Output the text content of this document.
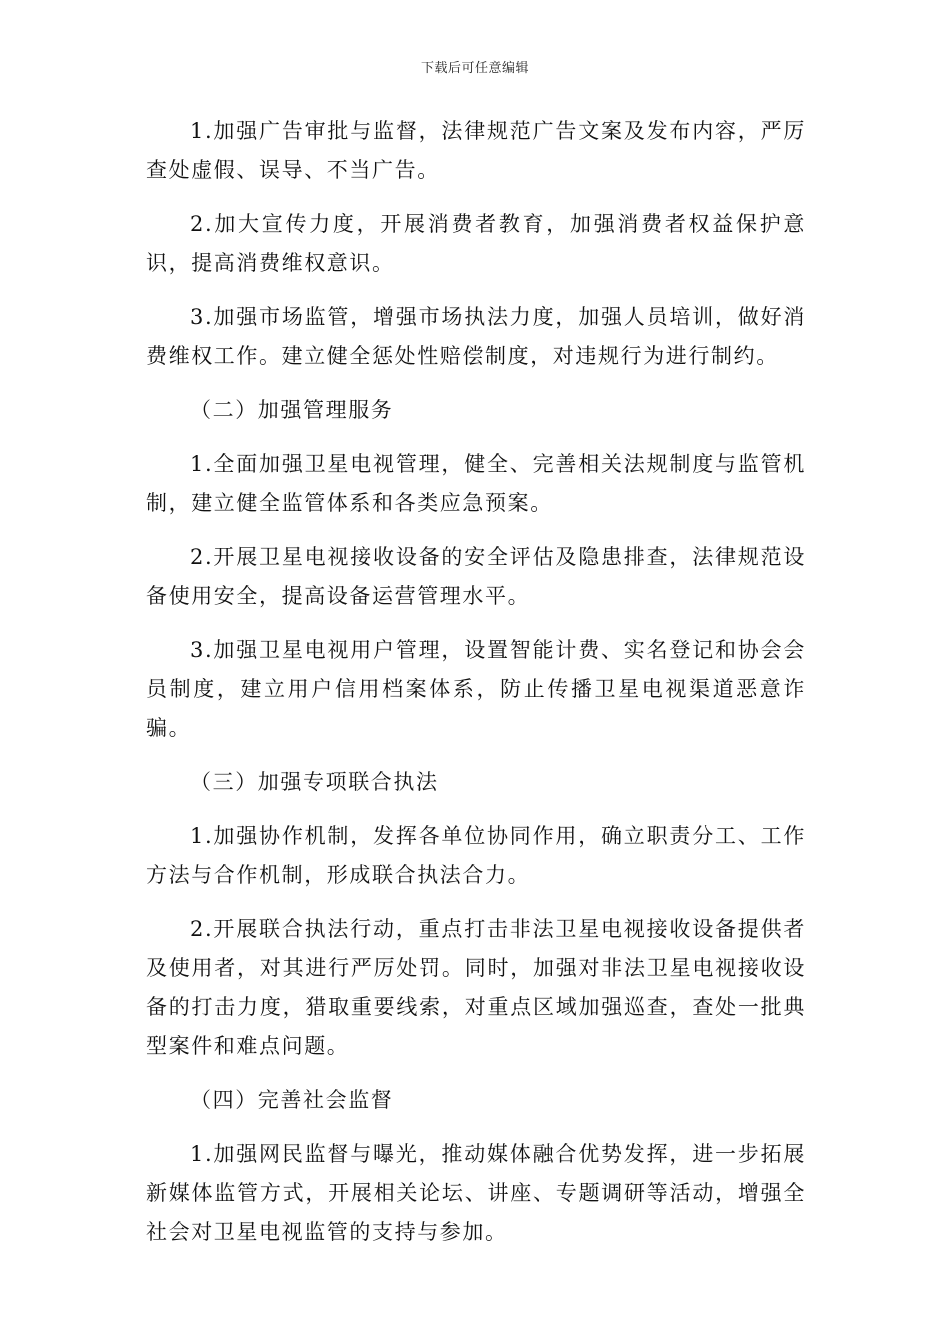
下载后可任意编辑

1.加强广告审批与监督，法律规范广告文案及发布内容，严厉查处虚假、误导、不当广告。

2.加大宣传力度，开展消费者教育，加强消费者权益保护意识，提高消费维权意识。

3.加强市场监管，增强市场执法力度，加强人员培训，做好消费维权工作。建立健全惩处性赔偿制度，对违规行为进行制约。

（二）加强管理服务

1.全面加强卫星电视管理，健全、完善相关法规制度与监管机制，建立健全监管体系和各类应急预案。

2.开展卫星电视接收设备的安全评估及隐患排查，法律规范设备使用安全，提高设备运营管理水平。

3.加强卫星电视用户管理，设置智能计费、实名登记和协会会员制度，建立用户信用档案体系，防止传播卫星电视渠道恶意诈骗。

（三）加强专项联合执法

1.加强协作机制，发挥各单位协同作用，确立职责分工、工作方法与合作机制，形成联合执法合力。

2.开展联合执法行动，重点打击非法卫星电视接收设备提供者及使用者，对其进行严厉处罚。同时，加强对非法卫星电视接收设备的打击力度，猎取重要线索，对重点区域加强巡查，查处一批典型案件和难点问题。

（四）完善社会监督

1.加强网民监督与曝光，推动媒体融合优势发挥，进一步拓展新媒体监管方式，开展相关论坛、讲座、专题调研等活动，增强全社会对卫星电视监管的支持与参加。
